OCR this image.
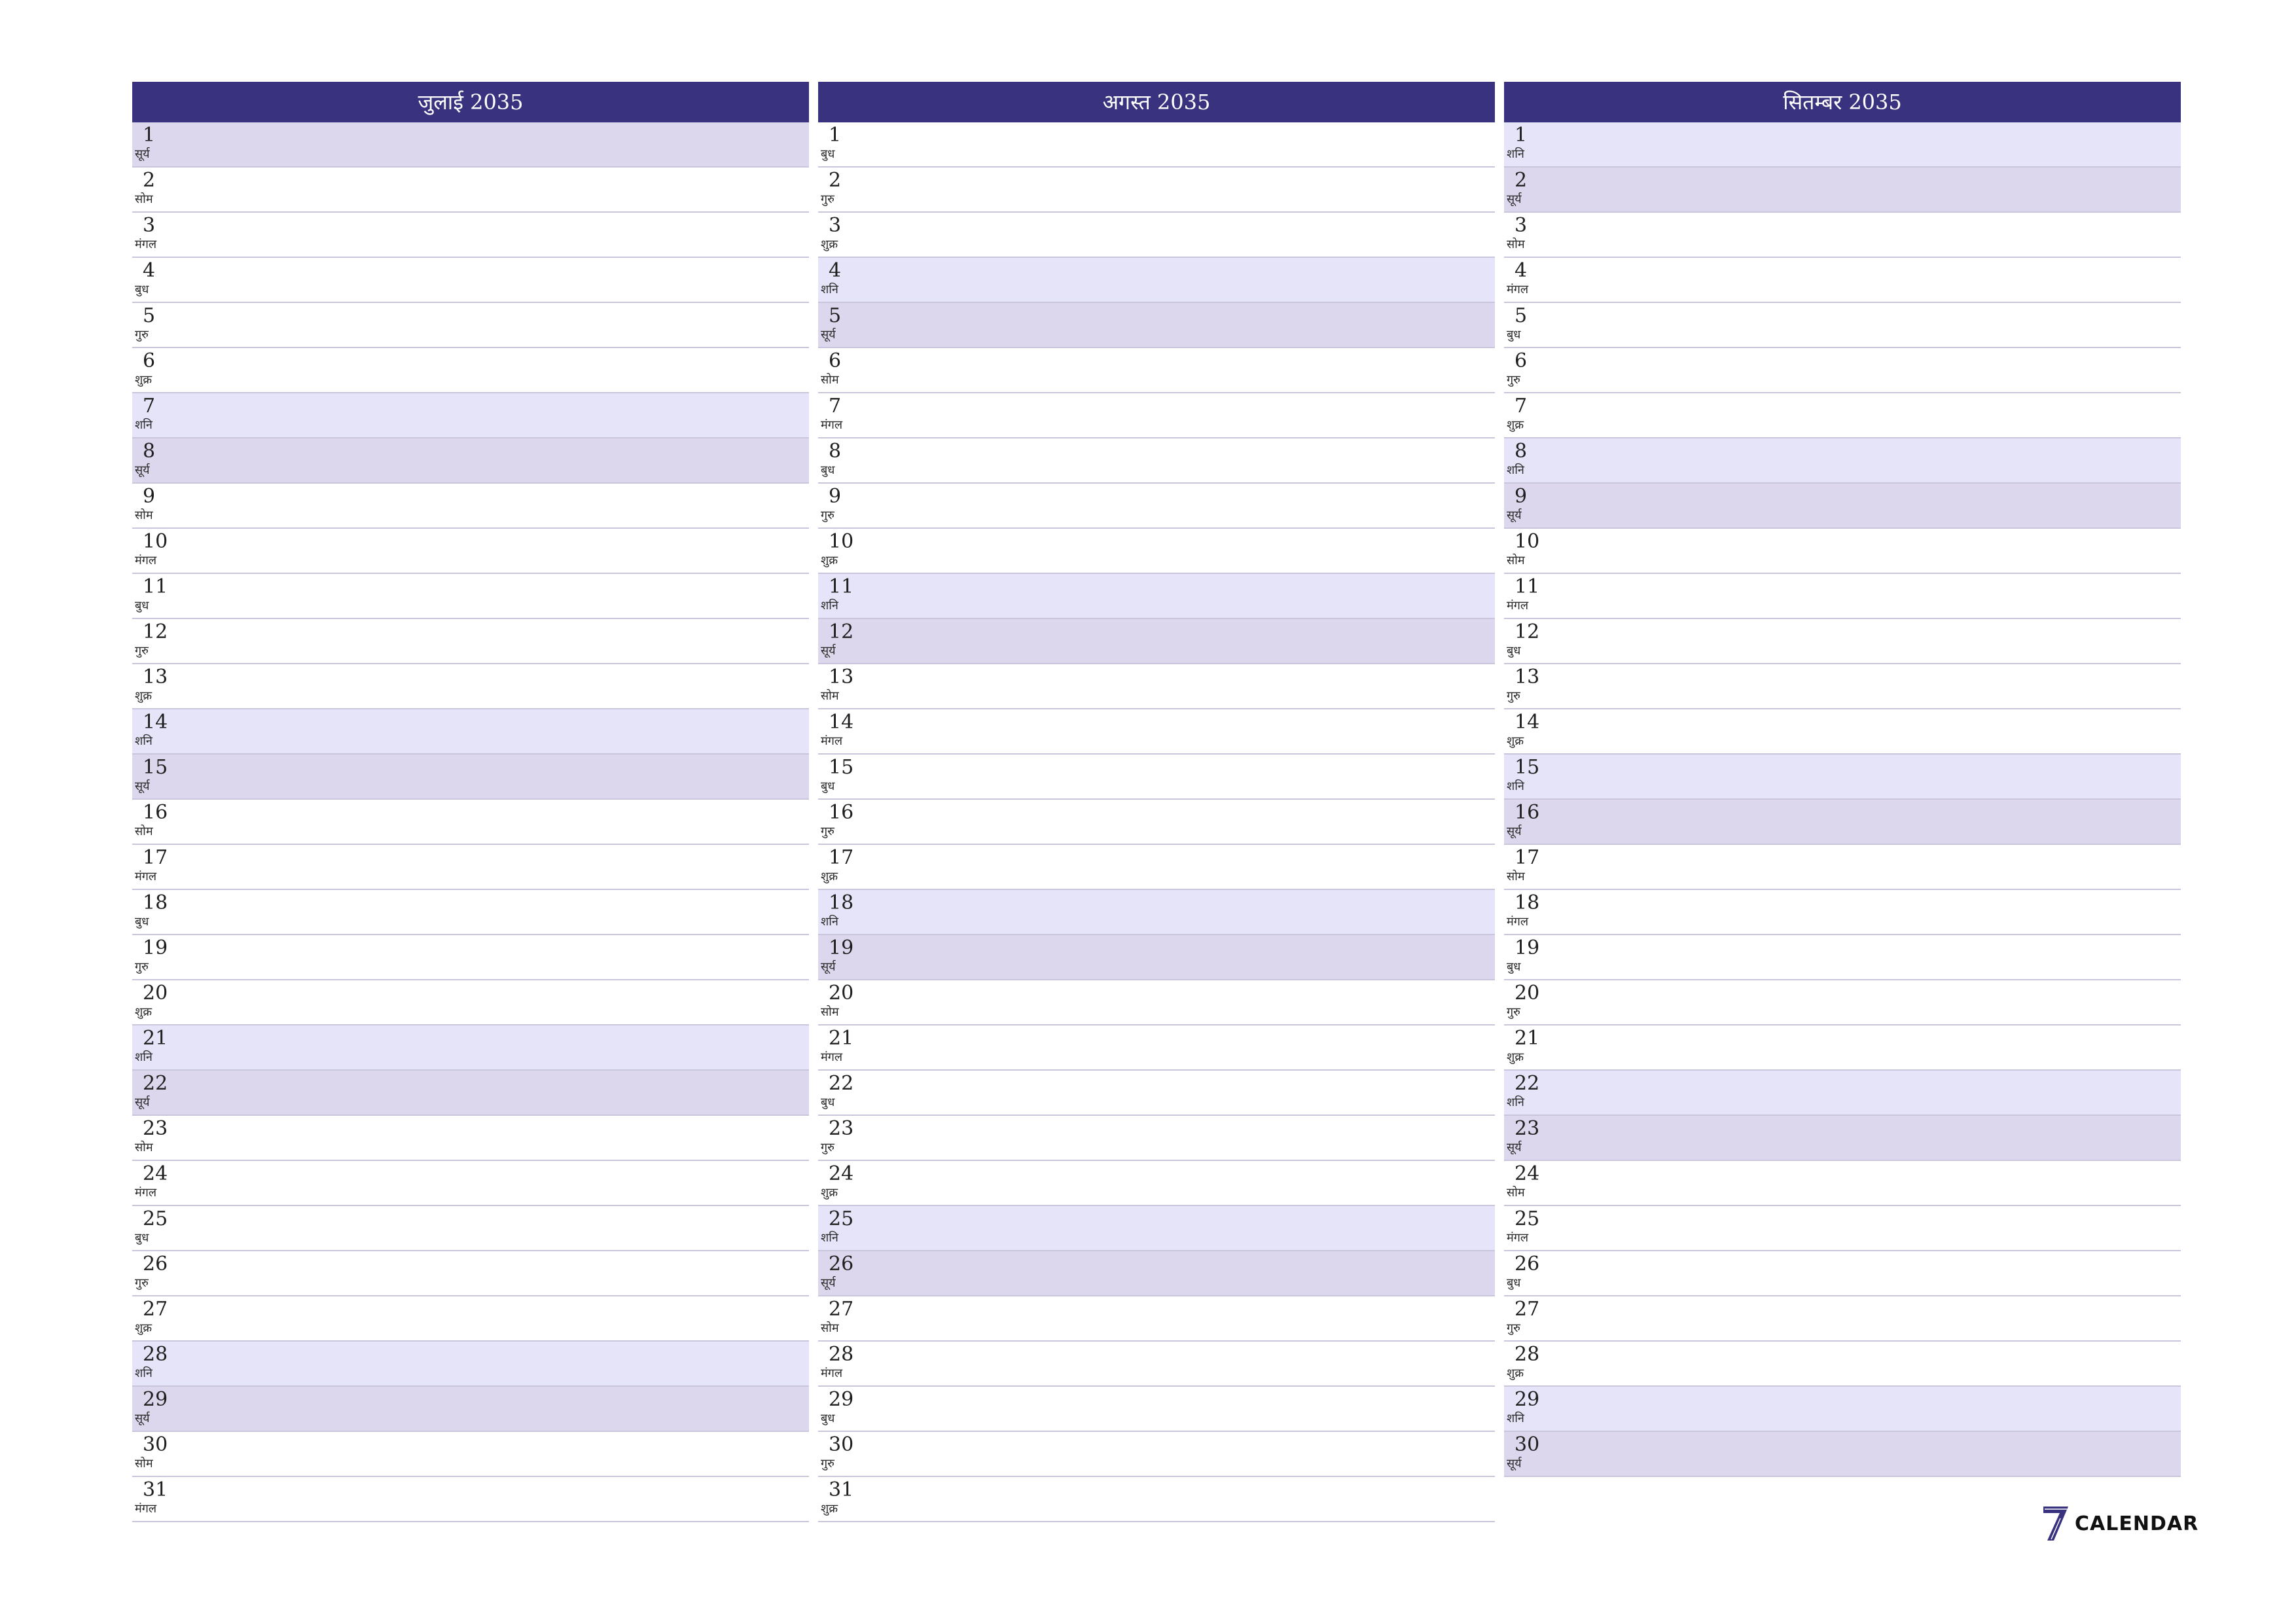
जुलाई 2035
1
सूर्य
2
सोम
3
मंगल
4
बुध
5
गुरु
6
शुक्र
7
शनि
8
सूर्य
9
सोम
10
मंगल
11
बुध
12
गुरु
13
शुक्र
14
शनि
15
सूर्य
16
सोम
17
मंगल
18
बुध
19
गुरु
20
शुक्र
21
शनि
22
सूर्य
23
सोम
24
मंगल
25
बुध
26
गुरु
27
शुक्र
28
शनि
29
सूर्य
30
सोम
31
मंगल
अगस्त 2035
1
बुध
2
गुरु
3
शुक्र
4
शनि
5
सूर्य
6
सोम
7
मंगल
8
बुध
9
गुरु
10
शुक्र
11
शनि
12
सूर्य
13
सोम
14
मंगल
15
बुध
16
गुरु
17
शुक्र
18
शनि
19
सूर्य
20
सोम
21
मंगल
22
बुध
23
गुरु
24
शुक्र
25
शनि
26
सूर्य
27
सोम
28
मंगल
29
बुध
30
गुरु
31
शुक्र
सितम्बर 2035
1
शनि
2
सूर्य
3
सोम
4
मंगल
5
बुध
6
गुरु
7
शुक्र
8
शनि
9
सूर्य
10
सोम
11
मंगल
12
बुध
13
गुरु
14
शुक्र
15
शनि
16
सूर्य
17
सोम
18
मंगल
19
बुध
20
गुरु
21
शुक्र
22
शनि
23
सूर्य
24
सोम
25
मंगल
26
बुध
27
गुरु
28
शुक्र
29
शनि
30
सूर्य
CALENDAR
